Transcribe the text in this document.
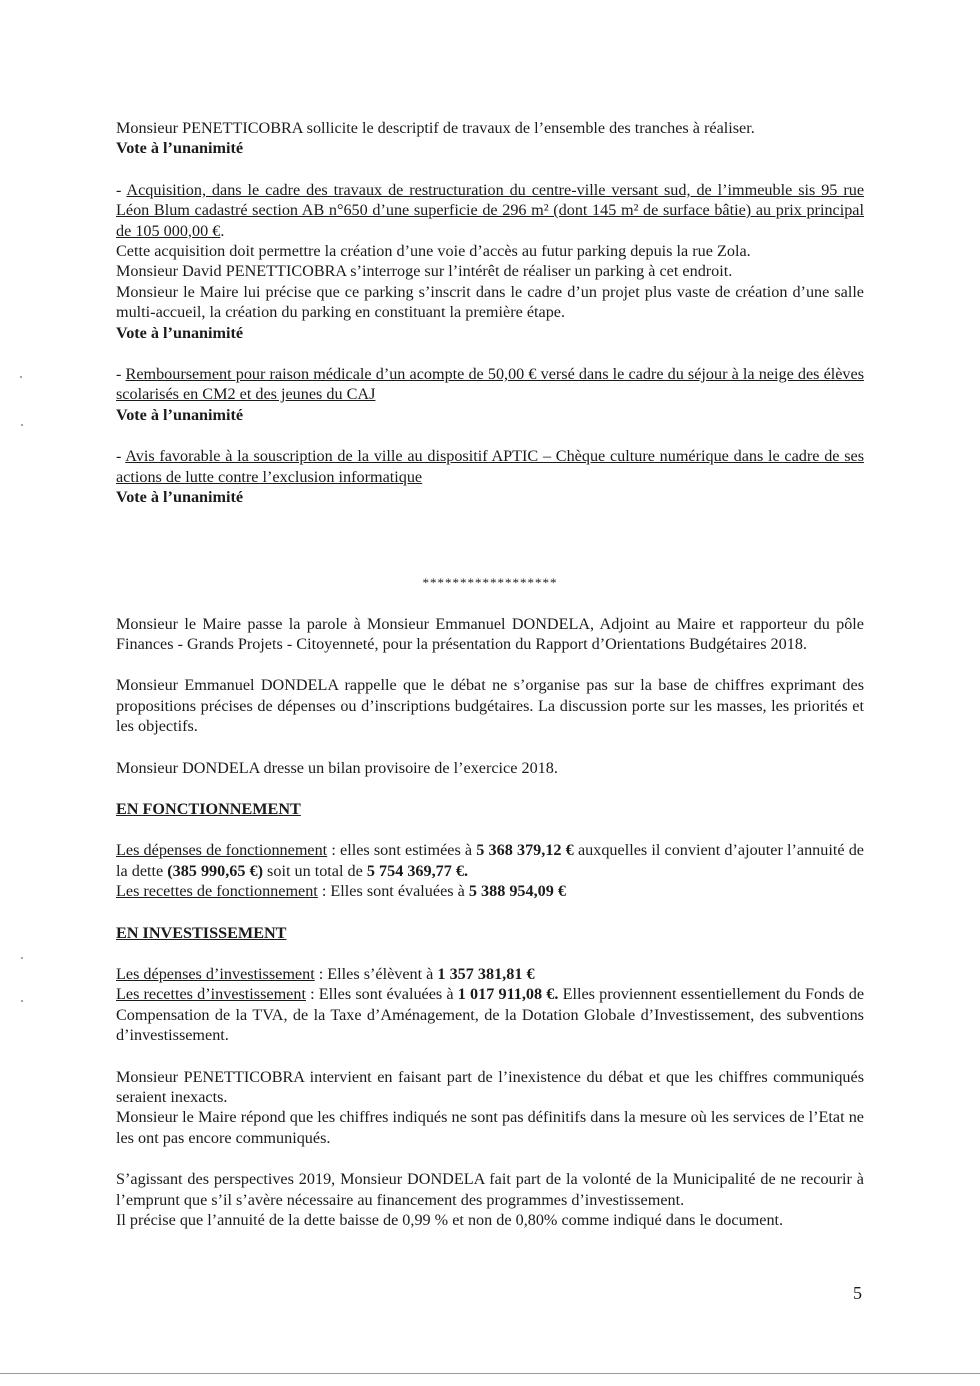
Monsieur PENETTICOBRA sollicite le descriptif de travaux de l’ensemble des tranches à réaliser.

Vote à l’unanimité

- Acquisition, dans le cadre des travaux de restructuration du centre-ville versant sud, de l’immeuble sis 95 rue Léon Blum cadastré section AB n°650 d’une superficie de 296 m² (dont 145 m² de surface bâtie) au prix principal de 105 000,00 €.

Cette acquisition doit permettre la création d’une voie d’accès au futur parking depuis la rue Zola.

Monsieur David PENETTICOBRA s’interroge sur l’intérêt de réaliser un parking à cet endroit.

Monsieur le Maire lui précise que ce parking s’inscrit dans le cadre d’un projet plus vaste de création d’une salle multi-accueil, la création du parking en constituant la première étape.

Vote à l’unanimité

- Remboursement pour raison médicale d’un acompte de 50,00 € versé dans le cadre du séjour à la neige des élèves scolarisés en CM2 et des jeunes du CAJ

Vote à l’unanimité

- Avis favorable à la souscription de la ville au dispositif APTIC – Chèque culture numérique dans le cadre de ses actions de lutte contre l’exclusion informatique

Vote à l’unanimité

******************

Monsieur le Maire passe la parole à Monsieur Emmanuel DONDELA, Adjoint au Maire et rapporteur du pôle Finances - Grands Projets - Citoyenneté, pour la présentation du Rapport d’Orientations Budgétaires 2018.

Monsieur Emmanuel DONDELA rappelle que le débat ne s’organise pas sur la base de chiffres exprimant des propositions précises de dépenses ou d’inscriptions budgétaires. La discussion porte sur les masses, les priorités et les objectifs.

Monsieur DONDELA dresse un bilan provisoire de l’exercice 2018.

EN FONCTIONNEMENT

Les dépenses de fonctionnement : elles sont estimées à 5 368 379,12 € auxquelles il convient d’ajouter l’annuité de la dette (385 990,65 €) soit un total de 5 754 369,77 €.

Les recettes de fonctionnement : Elles sont évaluées à 5 388 954,09 €

EN INVESTISSEMENT

Les dépenses d’investissement : Elles s’élèvent à 1 357 381,81 €

Les recettes d’investissement : Elles sont évaluées à 1 017 911,08 €. Elles proviennent essentiellement du Fonds de Compensation de la TVA, de la Taxe d’Aménagement, de la Dotation Globale d’Investissement, des subventions d’investissement.

Monsieur PENETTICOBRA intervient en faisant part de l’inexistence du débat et que les chiffres communiqués seraient inexacts.

Monsieur le Maire répond que les chiffres indiqués ne sont pas définitifs dans la mesure où les services de l’Etat ne les ont pas encore communiqués.

S’agissant des perspectives 2019, Monsieur DONDELA fait part de la volonté de la Municipalité de ne recourir à l’emprunt que s’il s’avère nécessaire au financement des programmes d’investissement.

Il précise que l’annuité de la dette baisse de 0,99 % et non de 0,80% comme indiqué dans le document.

5
